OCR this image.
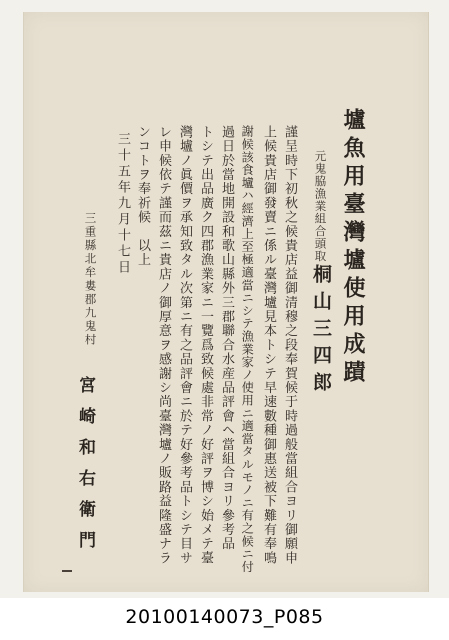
壚魚用臺灣壚使用成蹟
元鬼脇漁業組合頭取
桐山三四郎
謹呈時下初秋之候貴店益御清穆之段奉賀候于時過般當組合ヨリ御願申
上候貴店御發賣ニ係ル臺灣壚見本トシテ早速數種御惠送被下難有奉鳴
謝候該食壚ハ經濟上至極適當ニシテ漁業家ノ使用ニ適當タルモノニ有之候ニ付
過日於當地開設和歌山縣外三郡聯合水産品評會ヘ當組合ヨリ參考品
トシテ出品廣ク四郡漁業家ニ一覽爲致候處非常ノ好評ヲ博シ始メテ臺
灣壚ノ眞價ヲ承知致タル次第ニ有之品評會ニ於テ好參考品トシテ目サ
レ申候依テ謹而茲ニ貴店ノ御厚意ヲ感謝シ尚臺灣壚ノ販路益隆盛ナラ
ンコトヲ奉祈候　以上
三十五年九月十七日
三重縣北牟婁郡九鬼村
宮崎和右衛門
20100140073_P085
